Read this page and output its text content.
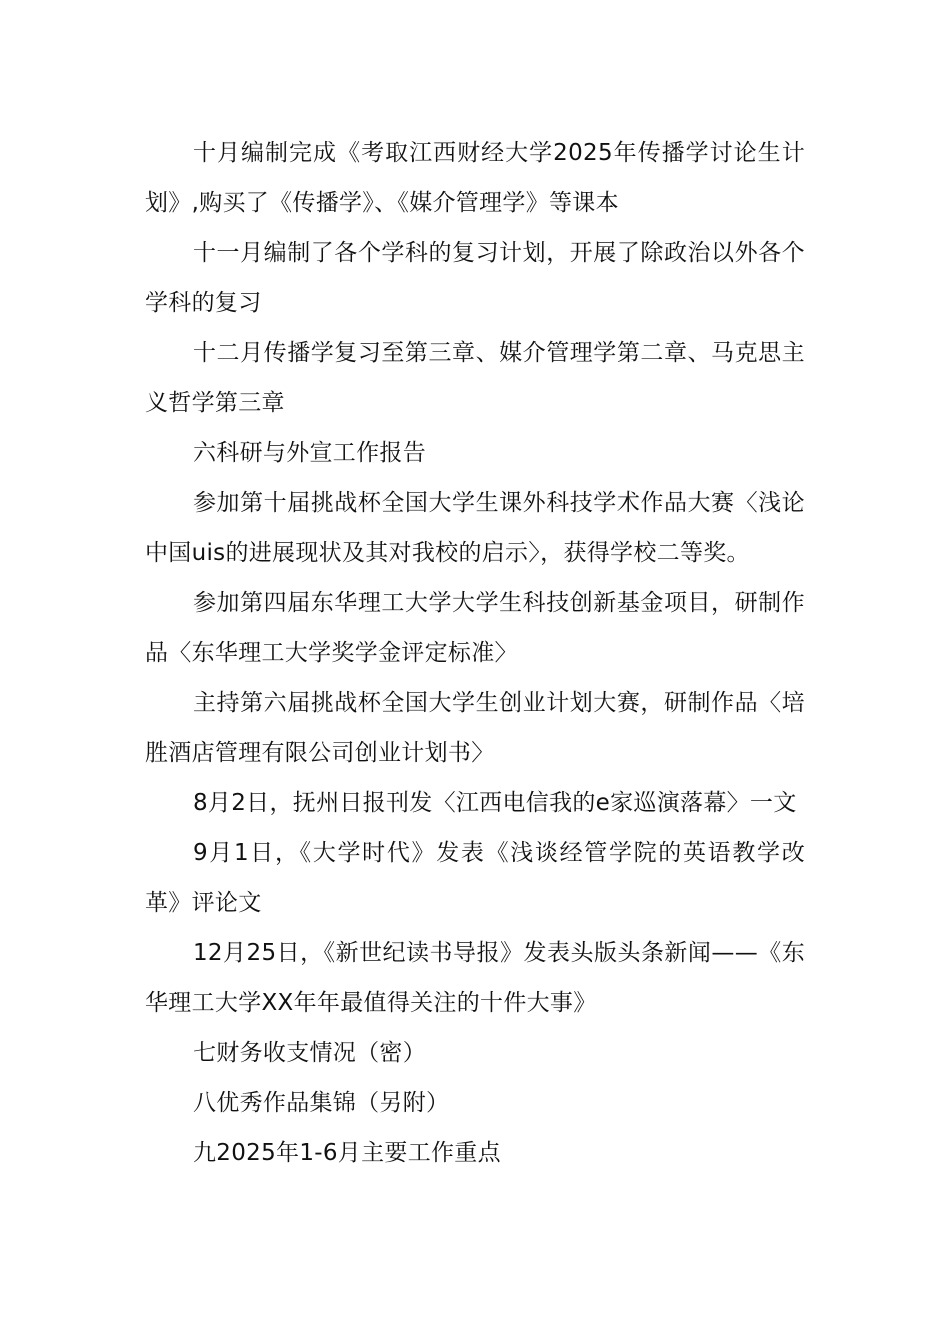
十月编制完成《考取江西财经大学2025年传播学讨论生计划》,购买了《传播学》、《媒介管理学》等课本

十一月编制了各个学科的复习计划，开展了除政治以外各个学科的复习

十二月传播学复习至第三章、媒介管理学第二章、马克思主义哲学第三章

六科研与外宣工作报告

参加第十届挑战杯全国大学生课外科技学术作品大赛〈浅论中国uis的进展现状及其对我校的启示〉，获得学校二等奖。

参加第四届东华理工大学大学生科技创新基金项目，研制作品〈东华理工大学奖学金评定标准〉

主持第六届挑战杯全国大学生创业计划大赛，研制作品〈培胜酒店管理有限公司创业计划书〉

8月2日，抚州日报刊发〈江西电信我的e家巡演落幕〉一文

9月1日，《大学时代》发表《浅谈经管学院的英语教学改革》评论文

12月25日，《新世纪读书导报》发表头版头条新闻——《东华理工大学XX年年最值得关注的十件大事》

七财务收支情况（密）

八优秀作品集锦（另附）

九2025年1-6月主要工作重点
